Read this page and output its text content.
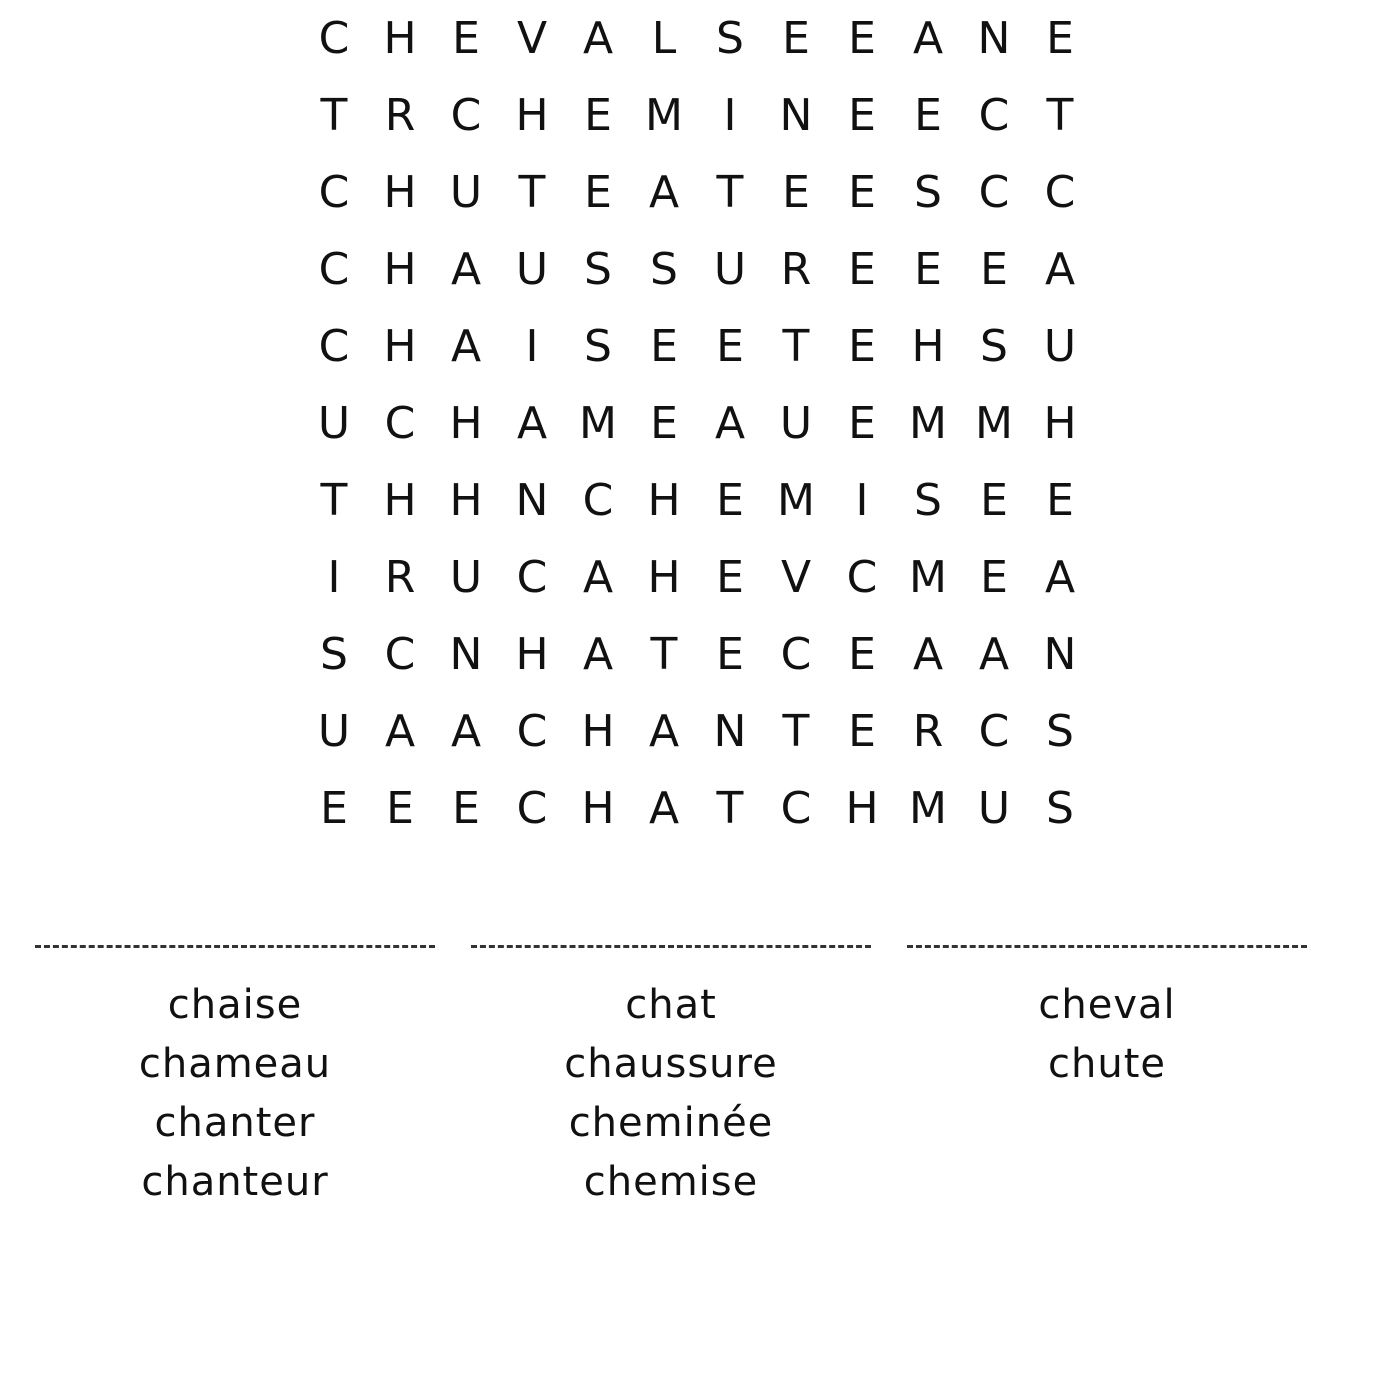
C H E V A L S E E A N E
T R C H E M I N E E C T
C H U T E A T E E S C C
C H A U S S U R E E E A
C H A	I	S E E T E H S U
U C H A M E A U E M M H
T H H N C H E M I	S E E
I	R U C A H E V C M E A
S C N H A T E C E A A N
U A A C H A N T E R C S
E E E C H A T C H M U S
chaise
chameau
chanter
chanteur
chat
chaussure
cheminée
chemise
cheval
chute
